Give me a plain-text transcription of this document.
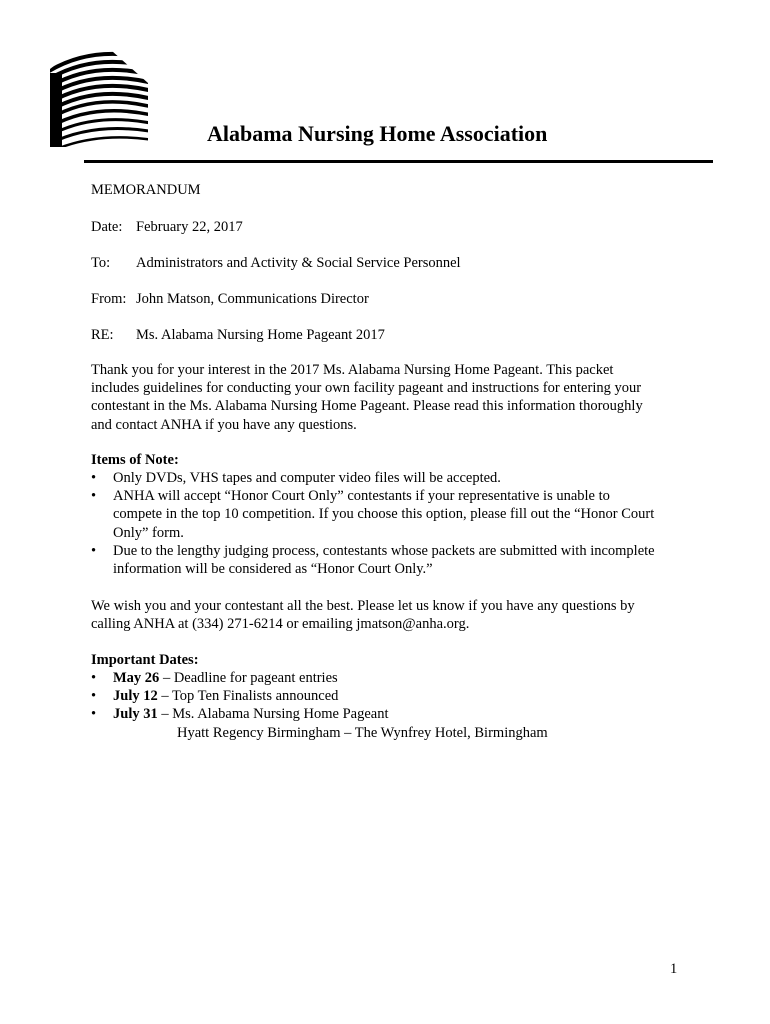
Alabama Nursing Home Association
MEMORANDUM
Date: February 22, 2017
To: Administrators and Activity & Social Service Personnel
From: John Matson, Communications Director
RE: Ms. Alabama Nursing Home Pageant 2017

Thank you for your interest in the 2017 Ms. Alabama Nursing Home Pageant. This packet
includes guidelines for conducting your own facility pageant and instructions for entering your
contestant in the Ms. Alabama Nursing Home Pageant. Please read this information thoroughly
and contact ANHA if you have any questions.

Items of Note:
• Only DVDs, VHS tapes and computer video files will be accepted.
• ANHA will accept “Honor Court Only” contestants if your representative is unable to
compete in the top 10 competition. If you choose this option, please fill out the “Honor Court
Only” form.
• Due to the lengthy judging process, contestants whose packets are submitted with incomplete
information will be considered as “Honor Court Only.”

We wish you and your contestant all the best. Please let us know if you have any questions by
calling ANHA at (334) 271-6214 or emailing jmatson@anha.org.

Important Dates:
• May 26 – Deadline for pageant entries
• July 12 – Top Ten Finalists announced
• July 31 – Ms. Alabama Nursing Home Pageant
Hyatt Regency Birmingham – The Wynfrey Hotel, Birmingham
1
